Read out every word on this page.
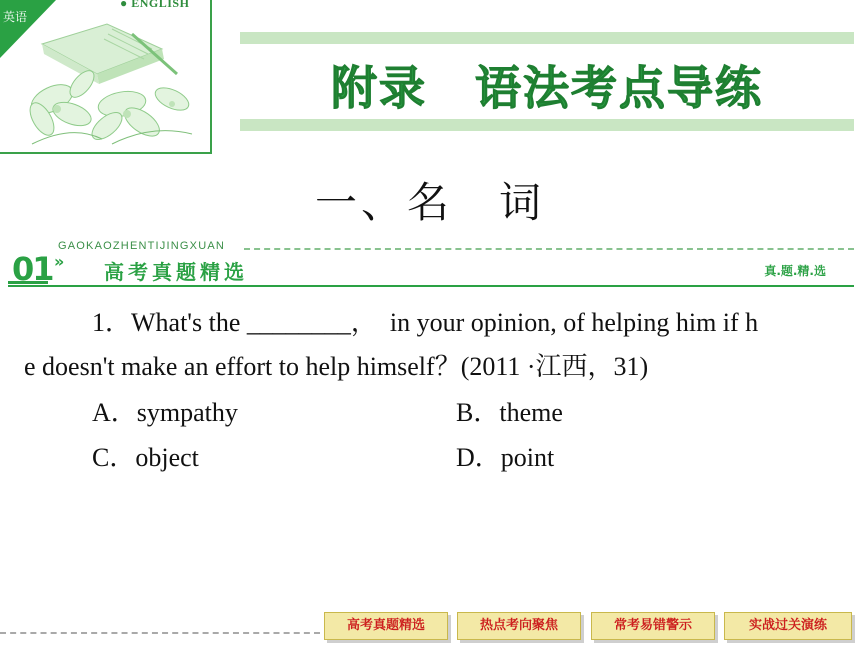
英语
● ENGLISH
附录　语法考点导练
一、名　词
01 »
GAOKAOZHENTIJINGXUAN
高考真题精选	真.题.精.选
1．What's the ________，  in your opinion, of helping him if h
e doesn't make an effort to help himself？(2011 ·江西，31)
A．sympathy	B．theme
C．object	D．point
高考真题精选	热点考向聚焦	常考易错警示	实战过关演练
